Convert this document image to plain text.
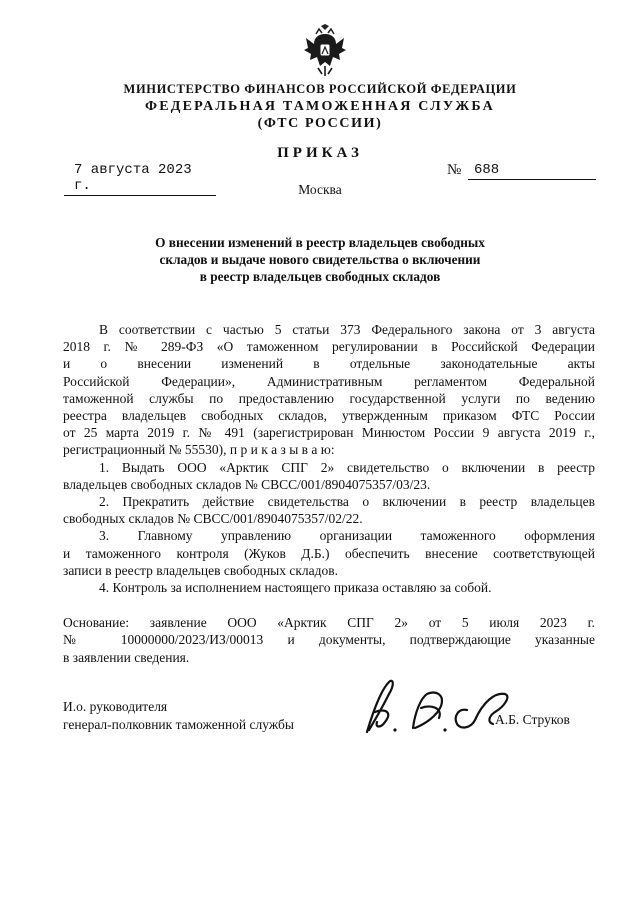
МИНИСТЕРСТВО ФИНАНСОВ РОССИЙСКОЙ ФЕДЕРАЦИИ
ФЕДЕРАЛЬНАЯ ТАМОЖЕННАЯ СЛУЖБА
(ФТС РОССИИ)
ПРИКАЗ
7 августа 2023 г.
№ 688
Москва
О внесении изменений в реестр владельцев свободных
складов и выдаче нового свидетельства о включении
в реестр владельцев свободных складов
В соответствии с частью 5 статьи 373 Федерального закона от 3 августа
2018 г. № 289-ФЗ «О таможенном регулировании в Российской Федерации
и о внесении изменений в отдельные законодательные акты
Российской Федерации», Административным регламентом Федеральной
таможенной службы по предоставлению государственной услуги по ведению
реестра владельцев свободных складов, утвержденным приказом ФТС России
от 25 марта 2019 г. № 491 (зарегистрирован Минюстом России 9 августа 2019 г.,
регистрационный № 55530), п р и к а з ы в а ю:
1. Выдать ООО «Арктик СПГ 2» свидетельство о включении в реестр
владельцев свободных складов № СВСС/001/8904075357/03/23.
2. Прекратить действие свидетельства о включении в реестр владельцев
свободных складов № СВСС/001/8904075357/02/22.
3. Главному управлению организации таможенного оформления
и таможенного контроля (Жуков Д.Б.) обеспечить внесение соответствующей
записи в реестр владельцев свободных складов.
4. Контроль за исполнением настоящего приказа оставляю за собой.
Основание: заявление ООО «Арктик СПГ 2» от 5 июля 2023 г.
№ 10000000/2023/ИЗ/00013 и документы, подтверждающие указанные
в заявлении сведения.
И.о. руководителя
генерал-полковник таможенной службы	А.Б. Струков
